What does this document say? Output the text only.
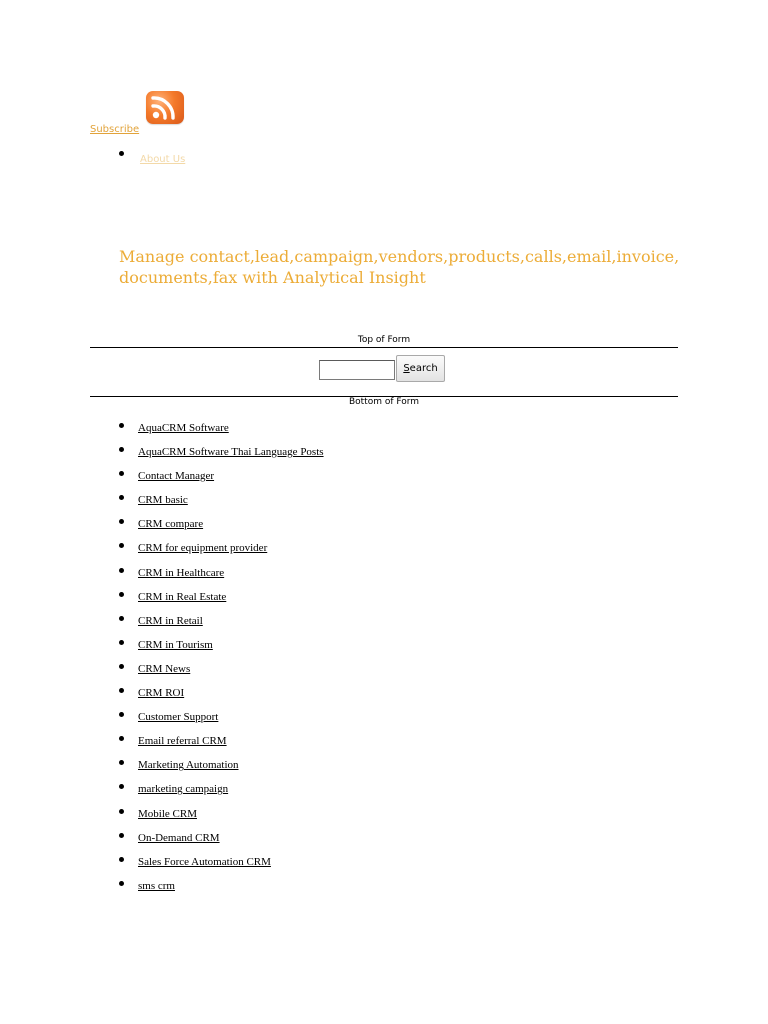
Subscribe
About Us
Manage contact,lead,campaign,vendors,products,calls,email,invoice,documents,fax with Analytical Insight
Top of Form
Search
Bottom of Form
AquaCRM Software
AquaCRM Software Thai Language Posts
Contact Manager
CRM basic
CRM compare
CRM for equipment provider
CRM in Healthcare
CRM in Real Estate
CRM in Retail
CRM in Tourism
CRM News
CRM ROI
Customer Support
Email referral CRM
Marketing Automation
marketing campaign
Mobile CRM
On-Demand CRM
Sales Force Automation CRM
sms crm
